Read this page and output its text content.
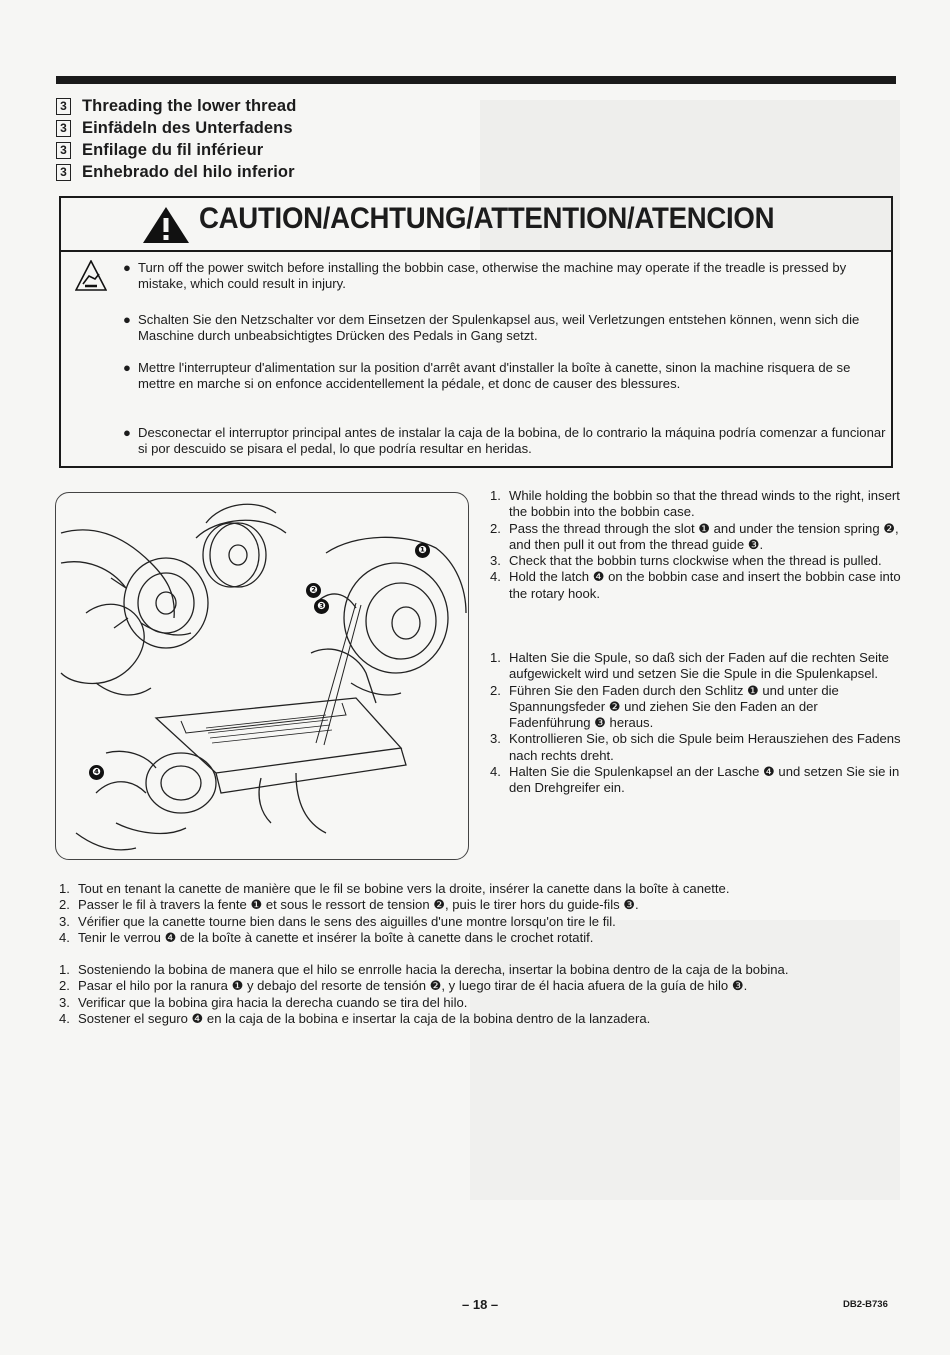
3 Threading the lower thread
3 Einfädeln des Unterfadens
3 Enfilage du fil inférieur
3 Enhebrado del hilo inferior
CAUTION/ACHTUNG/ATTENTION/ATENCION
● Turn off the power switch before installing the bobbin case, otherwise the machine may operate if the treadle is pressed by mistake, which could result in injury.
● Schalten Sie den Netzschalter vor dem Einsetzen der Spulenkapsel aus, weil Verletzungen entstehen können, wenn sich die Maschine durch unbeabsichtigtes Drücken des Pedals in Gang setzt.
● Mettre l'interrupteur d'alimentation sur la position d'arrêt avant d'installer la boîte à canette, sinon la machine risquera de se mettre en marche si on enfonce accidentellement la pédale, et donc de causer des blessures.
● Desconectar el interruptor principal antes de instalar la caja de la bobina, de lo contrario la máquina podría comenzar a funcionar si por descuido se pisara el pedal, lo que podría resultar en heridas.
❶
❷
❸
❹
1. While holding the bobbin so that the thread winds to the right, insert the bobbin into the bobbin case.
2. Pass the thread through the slot ❶ and under the tension spring ❷, and then pull it out from the thread guide ❸.
3. Check that the bobbin turns clockwise when the thread is pulled.
4. Hold the latch ❹ on the bobbin case and insert the bobbin case into the rotary hook.
1. Halten Sie die Spule, so daß sich der Faden auf die rechten Seite aufgewickelt wird und setzen Sie die Spule in die Spulenkapsel.
2. Führen Sie den Faden durch den Schlitz ❶ und unter die Spannungsfeder ❷ und ziehen Sie den Faden an der Fadenführung ❸ heraus.
3. Kontrollieren Sie, ob sich die Spule beim Herausziehen des Fadens nach rechts dreht.
4. Halten Sie die Spulenkapsel an der Lasche ❹ und setzen Sie sie in den Drehgreifer ein.
1. Tout en tenant la canette de manière que le fil se bobine vers la droite, insérer la canette dans la boîte à canette.
2. Passer le fil à travers la fente ❶ et sous le ressort de tension ❷, puis le tirer hors du guide-fils ❸.
3. Vérifier que la canette tourne bien dans le sens des aiguilles d'une montre lorsqu'on tire le fil.
4. Tenir le verrou ❹ de la boîte à canette et insérer la boîte à canette dans le crochet rotatif.
1. Sosteniendo la bobina de manera que el hilo se enrrolle hacia la derecha, insertar la bobina dentro de la caja de la bobina.
2. Pasar el hilo por la ranura ❶ y debajo del resorte de tensión ❷, y luego tirar de él hacia afuera de la guía de hilo ❸.
3. Verificar que la bobina gira hacia la derecha cuando se tira del hilo.
4. Sostener el seguro ❹ en la caja de la bobina e insertar la caja de la bobina dentro de la lanzadera.
– 18 –	DB2-B736
